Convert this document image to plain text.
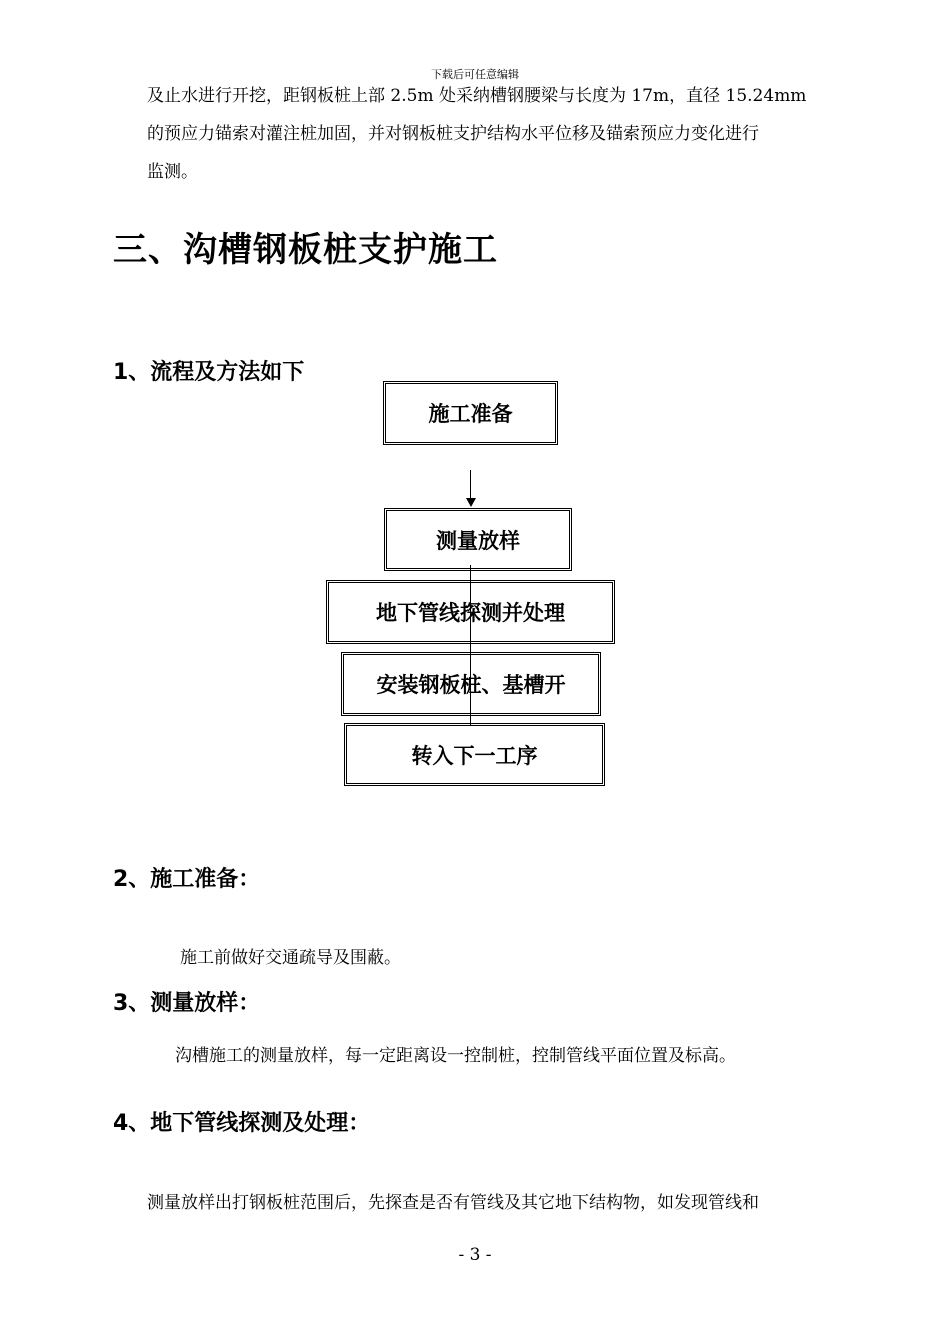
下载后可任意编辑
及止水进行开挖，距钢板桩上部 2.5m 处采纳槽钢腰梁与长度为 17m，直径 15.24mm
的预应力锚索对灌注桩加固，并对钢板桩支护结构水平位移及锚索预应力变化进行
监测。
三、沟槽钢板桩支护施工
1、流程及方法如下
施工准备
测量放样
地下管线探测并处理
安装钢板桩、基槽开
转入下一工序
2、施工准备：
施工前做好交通疏导及围蔽。
3、测量放样：
沟槽施工的测量放样，每一定距离设一控制桩，控制管线平面位置及标高。
4、地下管线探测及处理：
测量放样出打钢板桩范围后，先探查是否有管线及其它地下结构物，如发现管线和
- 3 -
